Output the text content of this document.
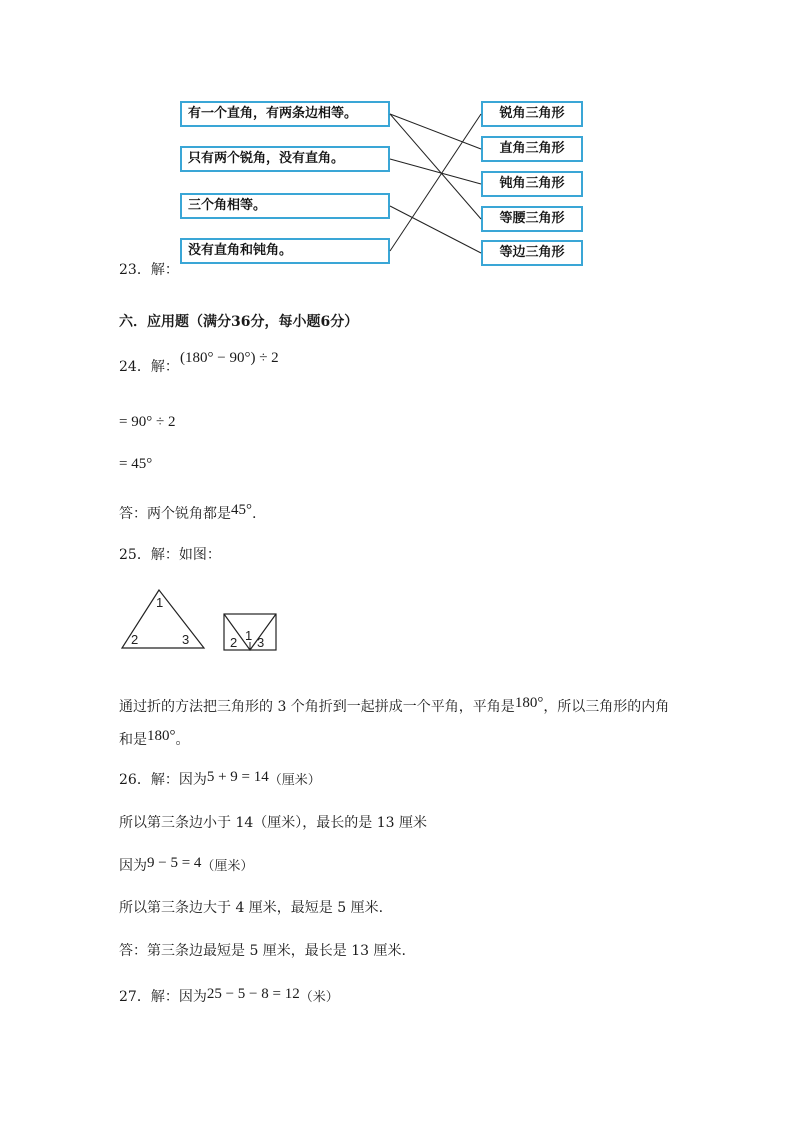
有一个直角，有两条边相等。
只有两个锐角，没有直角。
三个角相等。
没有直角和钝角。
锐角三角形
直角三角形
钝角三角形
等腰三角形
等边三角形
23．解：
六．应用题（满分36分，每小题6分）
24．解：
(180° − 90°) ÷ 2
= 90° ÷ 2
= 45°
答：两个锐角都是45°.
25．解：如图：
1
2	3	2 1 3
通过折的方法把三角形的 3 个角折到一起拼成一个平角，平角是180°，所以三角形的内角
和是180°。
26．解：因为5 + 9 = 14（厘米）
所以第三条边小于 14（厘米），最长的是 13 厘米
因为9 − 5 = 4（厘米）
所以第三条边大于 4 厘米，最短是 5 厘米.
答：第三条边最短是 5 厘米，最长是 13 厘米.
27．解：因为25 − 5 − 8 = 12（米）
